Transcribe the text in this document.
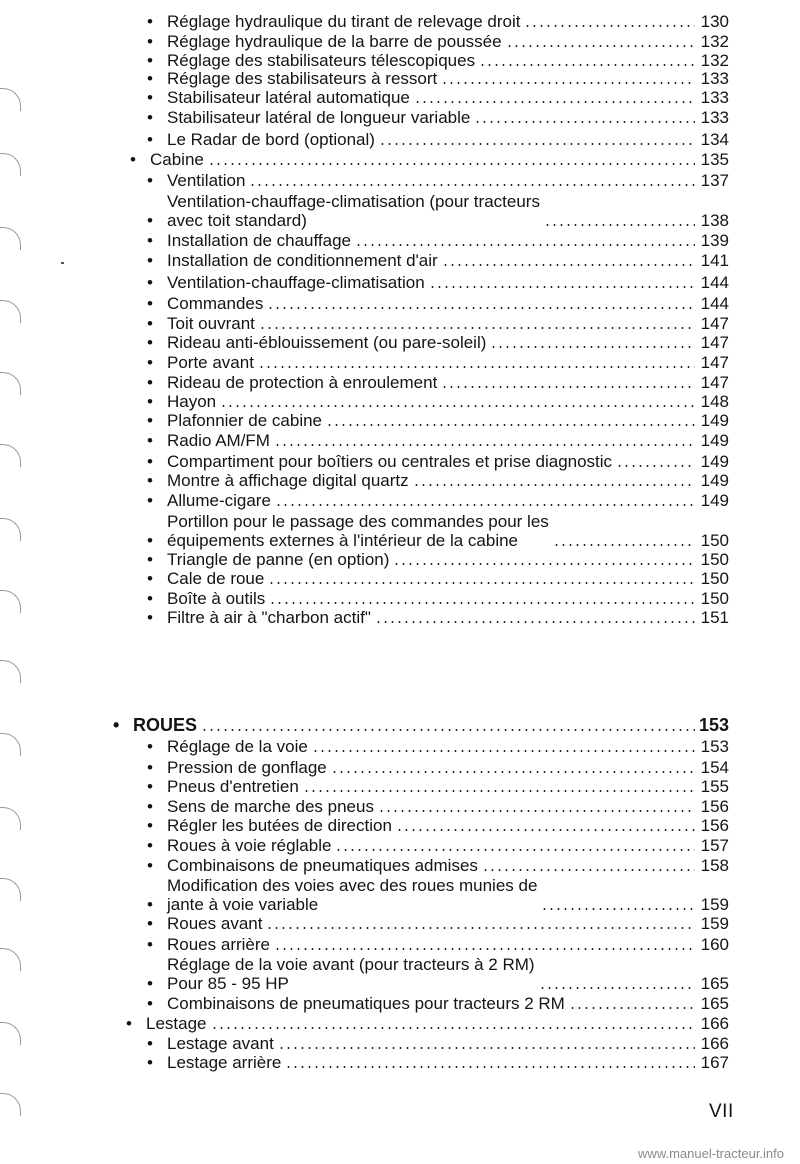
• Réglage hydraulique du tirant de relevage droit	130
• Réglage hydraulique de la barre de poussée	132
• Réglage des stabilisateurs télescopiques	132
• Réglage des stabilisateurs à ressort	133
• Stabilisateur latéral automatique	133
• Stabilisateur latéral de longueur variable	133
• Le Radar de bord (optional)	134
• Cabine	135
• Ventilation	137
•
Ventilation-chauffage-climatisation (pour tracteurs
avec toit standard)	138
• Installation de chauffage	139
• Installation de conditionnement d'air	141
• Ventilation-chauffage-climatisation	144
• Commandes	144
• Toit ouvrant	147
• Rideau anti-éblouissement (ou pare-soleil)	147
• Porte avant	147
• Rideau de protection à enroulement	147
• Hayon	148
• Plafonnier de cabine	149
• Radio AM/FM	149
• Compartiment pour boîtiers ou centrales et prise diagnostic	149
• Montre à affichage digital quartz	149
• Allume-cigare	149
•
Portillon pour le passage des commandes pour les
équipements externes à l'intérieur de la cabine	150
• Triangle de panne (en option)	150
• Cale de roue	150
• Boîte à outils	150
• Filtre à air à "charbon actif"	151
• ROUES	153
• Réglage de la voie	153
• Pression de gonflage	154
• Pneus d'entretien	155
• Sens de marche des pneus	156
• Régler les butées de direction	156
• Roues à voie réglable	157
• Combinaisons de pneumatiques admises	158
•
Modification des voies avec des roues munies de
jante à voie variable	159
• Roues avant	159
• Roues arrière	160
•
Réglage de la voie avant (pour tracteurs à 2 RM)
Pour 85 - 95 HP	165
• Combinaisons de pneumatiques pour tracteurs 2 RM	165
• Lestage	166
• Lestage avant	166
• Lestage arrière	167
VII
www.manuel-tracteur.info
